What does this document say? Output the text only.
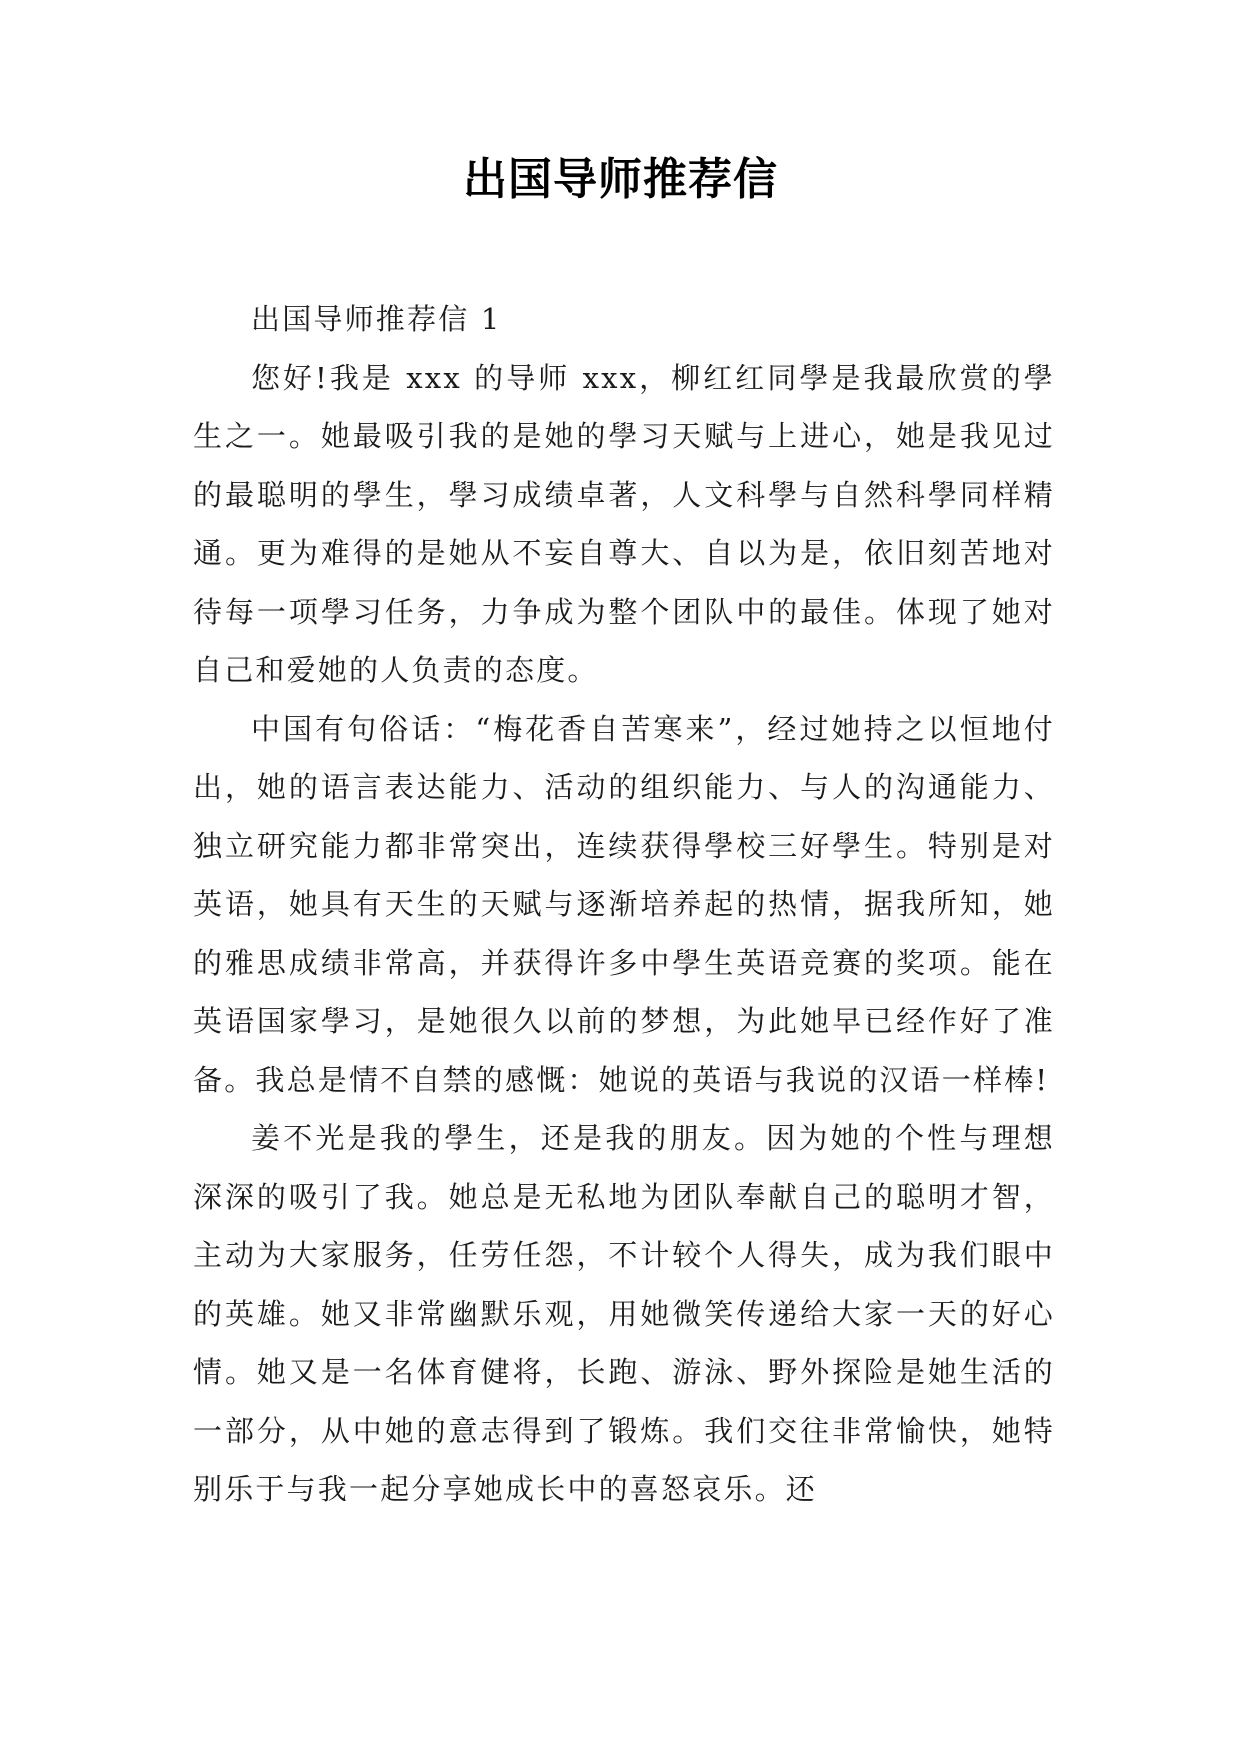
出国导师推荐信

出国导师推荐信 1

您好!我是 xxx 的导师 xxx，柳红红同學是我最欣赏的學生之一。她最吸引我的是她的學习天赋与上进心，她是我见过的最聪明的學生，學习成绩卓著，人文科學与自然科學同样精通。更为难得的是她从不妄自尊大、自以为是，依旧刻苦地对待每一项學习任务，力争成为整个团队中的最佳。体现了她对自己和爱她的人负责的态度。

中国有句俗话：“梅花香自苦寒来”，经过她持之以恒地付出，她的语言表达能力、活动的组织能力、与人的沟通能力、独立研究能力都非常突出，连续获得學校三好學生。特别是对英语，她具有天生的天赋与逐渐培养起的热情，据我所知，她的雅思成绩非常高，并获得许多中學生英语竞赛的奖项。能在英语国家學习，是她很久以前的梦想，为此她早已经作好了准备。我总是情不自禁的感慨：她说的英语与我说的汉语一样棒!

姜不光是我的學生，还是我的朋友。因为她的个性与理想深深的吸引了我。她总是无私地为团队奉献自己的聪明才智，主动为大家服务，任劳任怨，不计较个人得失，成为我们眼中的英雄。她又非常幽默乐观，用她微笑传递给大家一天的好心情。她又是一名体育健将，长跑、游泳、野外探险是她生活的一部分，从中她的意志得到了锻炼。我们交往非常愉快，她特别乐于与我一起分享她成长中的喜怒哀乐。还
